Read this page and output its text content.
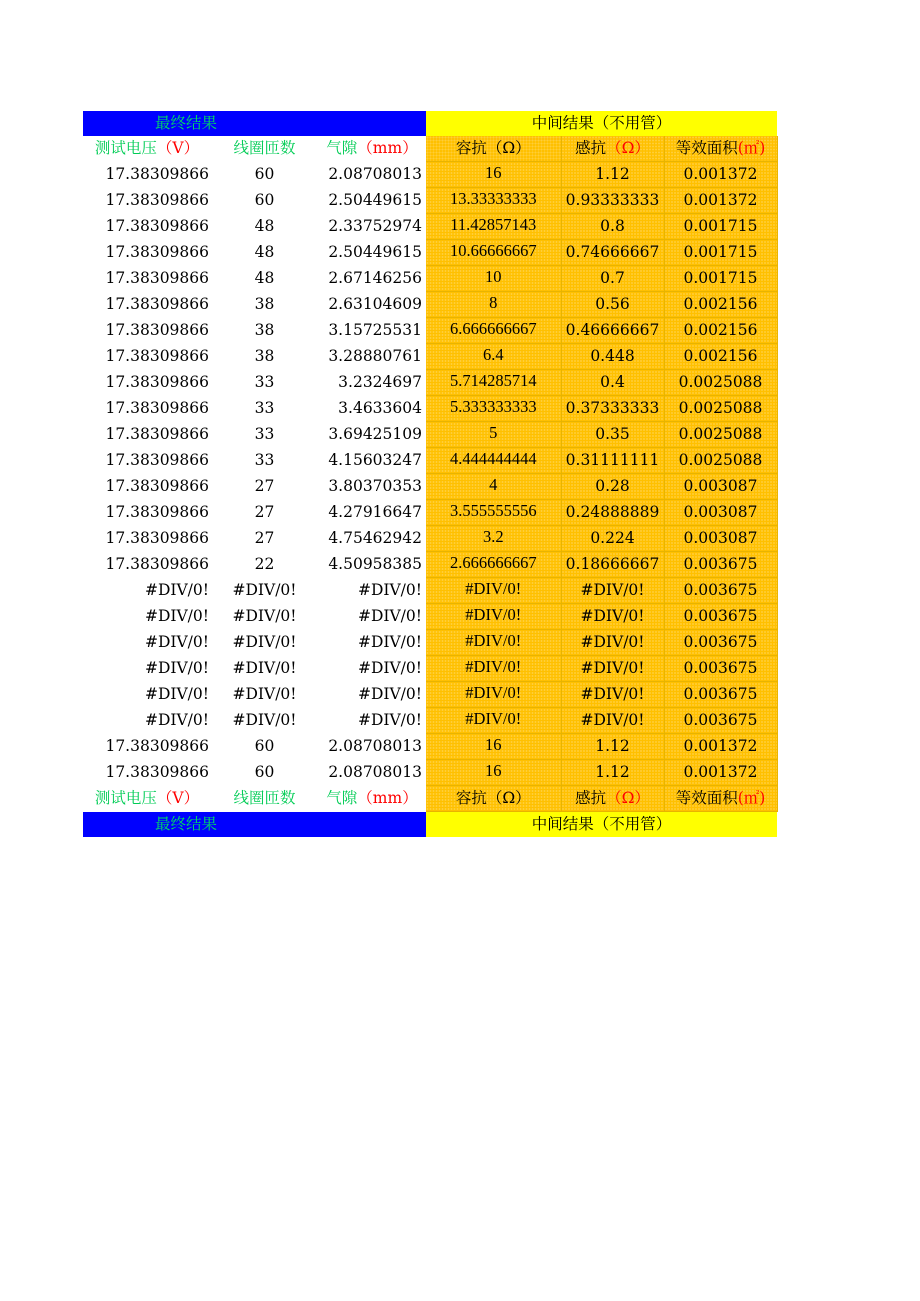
最终结果			中间结果（不用管）		
测试电压（V）	线圈匝数	气隙（mm）	容抗（Ω）	感抗（Ω）	等效面积(㎡)
17.38309866	60	2.08708013	16	1.12	0.001372
17.38309866	60	2.50449615	13.33333333	0.93333333	0.001372
17.38309866	48	2.33752974	11.42857143	0.8	0.001715
17.38309866	48	2.50449615	10.66666667	0.74666667	0.001715
17.38309866	48	2.67146256	10	0.7	0.001715
17.38309866	38	2.63104609	8	0.56	0.002156
17.38309866	38	3.15725531	6.666666667	0.46666667	0.002156
17.38309866	38	3.28880761	6.4	0.448	0.002156
17.38309866	33	3.2324697	5.714285714	0.4	0.0025088
17.38309866	33	3.4633604	5.333333333	0.37333333	0.0025088
17.38309866	33	3.69425109	5	0.35	0.0025088
17.38309866	33	4.15603247	4.444444444	0.31111111	0.0025088
17.38309866	27	3.80370353	4	0.28	0.003087
17.38309866	27	4.27916647	3.555555556	0.24888889	0.003087
17.38309866	27	4.75462942	3.2	0.224	0.003087
17.38309866	22	4.50958385	2.666666667	0.18666667	0.003675
#DIV/0!	#DIV/0!	#DIV/0!	#DIV/0!	#DIV/0!	0.003675
#DIV/0!	#DIV/0!	#DIV/0!	#DIV/0!	#DIV/0!	0.003675
#DIV/0!	#DIV/0!	#DIV/0!	#DIV/0!	#DIV/0!	0.003675
#DIV/0!	#DIV/0!	#DIV/0!	#DIV/0!	#DIV/0!	0.003675
#DIV/0!	#DIV/0!	#DIV/0!	#DIV/0!	#DIV/0!	0.003675
#DIV/0!	#DIV/0!	#DIV/0!	#DIV/0!	#DIV/0!	0.003675
17.38309866	60	2.08708013	16	1.12	0.001372
17.38309866	60	2.08708013	16	1.12	0.001372
测试电压（V）	线圈匝数	气隙（mm）	容抗（Ω）	感抗（Ω）	等效面积(㎡)
最终结果			中间结果（不用管）		
